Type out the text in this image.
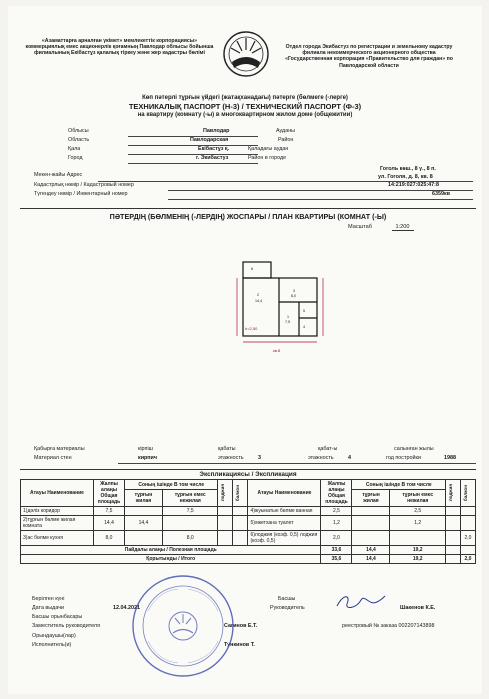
«Азаматтарға арналған үкімет» мемлекеттік корпорациясы» коммерциялық емес акционерлік қоғамның Павлодар облысы бойынша филиалының Екібастұз қалалық тіркеу және жер кадастры бөлімі
Отдел города Экибастуз по регистрации и земельному кадастру филиала некоммерческого акционерного общества «Государственная корпорация «Правительство для граждан» по Павлодарской области
Көп пәтерлі тұрғын үйдегі (жатақханадағы) пәтерге (бөлмеге (-лерге)
ТЕХНИКАЛЫҚ ПАСПОРТ (Н-3) / ТЕХНИЧЕСКИЙ ПАСПОРТ (Ф-3)
на квартиру (комнату (-ы) в многоквартирном жилом доме (общежитии)
Облысы	Павлодар	Ауданы
Область	Павлодарская	Район
Қала	Екібастұз қ.	Қаладағы аудан
Город	г. Экибастуз	Район в городе
Мекен-жайы Адрес
Гоголь көш., 8 ү., 8 п.
ул. Гоголя, д. 8, кв. 8
Кадастрлық нөмір / Кадастровый номер	14:219:027:025:47:8
Түгендеу нөмір / Инвентарный номер	6359кв
ПӘТЕРДІҢ (БӨЛМЕНІҢ (-ЛЕРДІҢ) ЖОСПАРЫ / ПЛАН КВАРТИРЫ (КОМНАТ (-Ы)
Масштаб	1:200
6
2
14,4
3
8,0
1
7,5
5
4
h=2,50
кв.8
Қабырға материалы
Материал стен
кірпіш
кирпич
қабаты
этажность	3
қабат-ы
этажность	4
салынған жылы
год постройки	1988
Экспликациясы / Экспликация
Атауы Наименование	Жалпы алаңы Общая площадь	Соның ішінде В том числе		лоджия	балкон	Атауы Наименование	Жалпы алаңы Общая площадь	Соның ішінде В том числе		лоджия	балкон

		тұрғын жилая	тұрғын емес нежилая					тұрғын жилая	тұрғын емес нежилая		
1)дәліз коридор	7,5		7,5			4)жуынатын бөлме ванная	2,5		2,5		
2)тұрғын бөлме жилая комната	14,4	14,4				5)әжетхана туалет	1,2		1,2		
3)ас бөлме кухня	8,0		8,0			6)лоджия (коэф. 0,5) лоджия (коэф. 0,5)	2,0				2,0
Пайдалы алаңы / Полезная площадь							33,6	14,4	19,2		
Қорытынды / Итого							35,6	14,4	19,2		2,0
Берілген күні
Дата выдачи	12.04.2021
Басшы
Руководитель	Шакенов К.Е.
Басшы орынбасары
Заместитель руководителя	Сагинов Е.Т.	реестровый № заказа 002207143898
Орындаушы(лар)
Исполнитель(и)	Тункинов Т.
